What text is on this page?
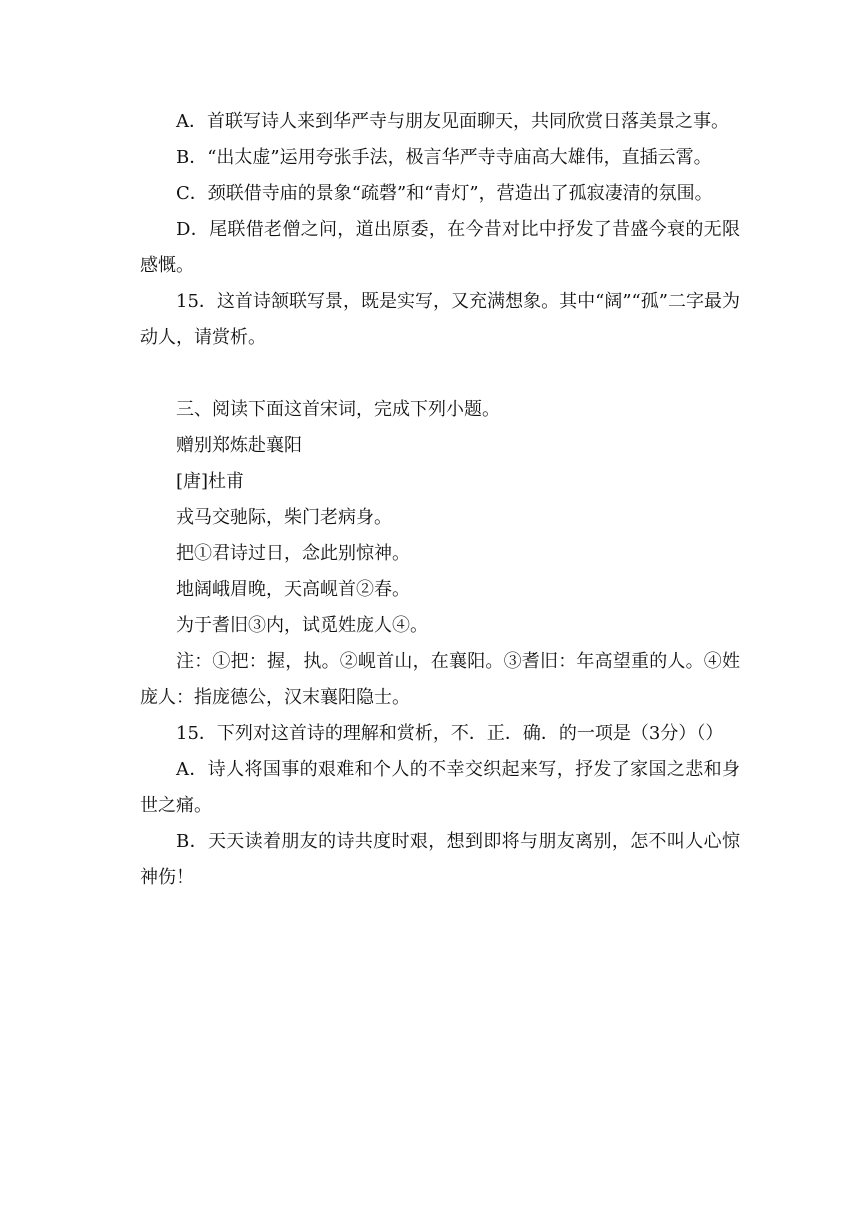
A．首联写诗人来到华严寺与朋友见面聊天，共同欣赏日落美景之事。

B．“出太虚”运用夸张手法，极言华严寺寺庙高大雄伟，直插云霄。

C．颈联借寺庙的景象“疏磬”和“青灯”，营造出了孤寂凄清的氛围。

D．尾联借老僧之问，道出原委，在今昔对比中抒发了昔盛今衰的无限感慨。

15．这首诗颔联写景，既是实写，又充满想象。其中“阔”“孤”二字最为动人，请赏析。

三、阅读下面这首宋词，完成下列小题。

赠别郑炼赴襄阳

[唐]杜甫

戎马交驰际，柴门老病身。

把①君诗过日，念此别惊神。

地阔峨眉晚，天高岘首②春。

为于耆旧③内，试觅姓庞人④。

注：①把：握，执。②岘首山，在襄阳。③耆旧：年高望重的人。④姓庞人：指庞德公，汉末襄阳隐士。

15．下列对这首诗的理解和赏析，不．正．确．的一项是（3分）（）

A．诗人将国事的艰难和个人的不幸交织起来写，抒发了家国之悲和身世之痛。

B．天天读着朋友的诗共度时艰，想到即将与朋友离别，怎不叫人心惊神伤！
